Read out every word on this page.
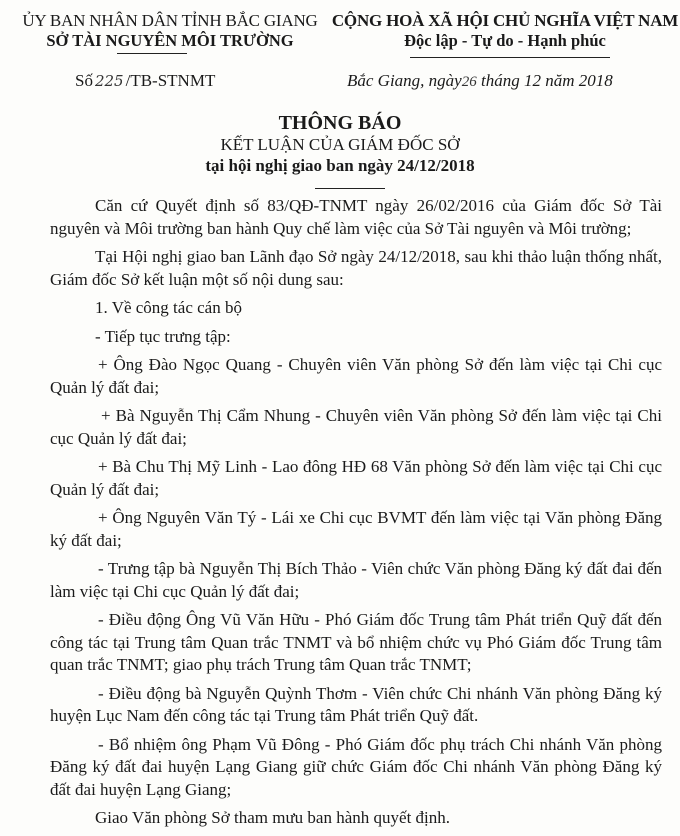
ỦY BAN NHÂN DÂN TỈNH BẮC GIANG
SỞ TÀI NGUYÊN MÔI TRƯỜNG
CỘNG HOÀ XÃ HỘI CHỦ NGHĨA VIỆT NAM
Độc lập - Tự do - Hạnh phúc
Số 225 /TB-STNMT	Bắc Giang, ngày26 tháng 12 năm 2018
THÔNG BÁO
KẾT LUẬN CỦA GIÁM ĐỐC SỞ
tại hội nghị giao ban ngày 24/12/2018

Căn cứ Quyết định số 83/QĐ-TNMT ngày 26/02/2016 của Giám đốc Sở Tài nguyên và Môi trường ban hành Quy chế làm việc của Sở Tài nguyên và Môi trường;

Tại Hội nghị giao ban Lãnh đạo Sở ngày 24/12/2018, sau khi thảo luận thống nhất, Giám đốc Sở kết luận một số nội dung sau:

1. Về công tác cán bộ

- Tiếp tục trưng tập:

+ Ông Đào Ngọc Quang - Chuyên viên Văn phòng Sở đến làm việc tại Chi cục Quản lý đất đai;

+ Bà Nguyễn Thị Cẩm Nhung - Chuyên viên Văn phòng Sở đến làm việc tại Chi cục Quản lý đất đai;

+ Bà Chu Thị Mỹ Linh - Lao đông HĐ 68 Văn phòng Sở đến làm việc tại Chi cục Quản lý đất đai;

+ Ông Nguyên Văn Tý - Lái xe Chi cục BVMT đến làm việc tại Văn phòng Đăng ký đất đai;

- Trưng tập bà Nguyễn Thị Bích Thảo - Viên chức Văn phòng Đăng ký đất đai đến làm việc tại Chi cục Quản lý đất đai;

- Điều động Ông Vũ Văn Hữu - Phó Giám đốc Trung tâm Phát triển Quỹ đất đến công tác tại Trung tâm Quan trắc TNMT và bổ nhiệm chức vụ Phó Giám đốc Trung tâm quan trắc TNMT; giao phụ trách Trung tâm Quan trắc TNMT;

- Điều động bà Nguyễn Quỳnh Thơm - Viên chức Chi nhánh Văn phòng Đăng ký huyện Lục Nam đến công tác tại Trung tâm Phát triển Quỹ đất.

- Bổ nhiệm ông Phạm Vũ Đông - Phó Giám đốc phụ trách Chi nhánh Văn phòng Đăng ký đất đai huyện Lạng Giang giữ chức Giám đốc Chi nhánh Văn phòng Đăng ký đất đai huyện Lạng Giang;

Giao Văn phòng Sở tham mưu ban hành quyết định.
